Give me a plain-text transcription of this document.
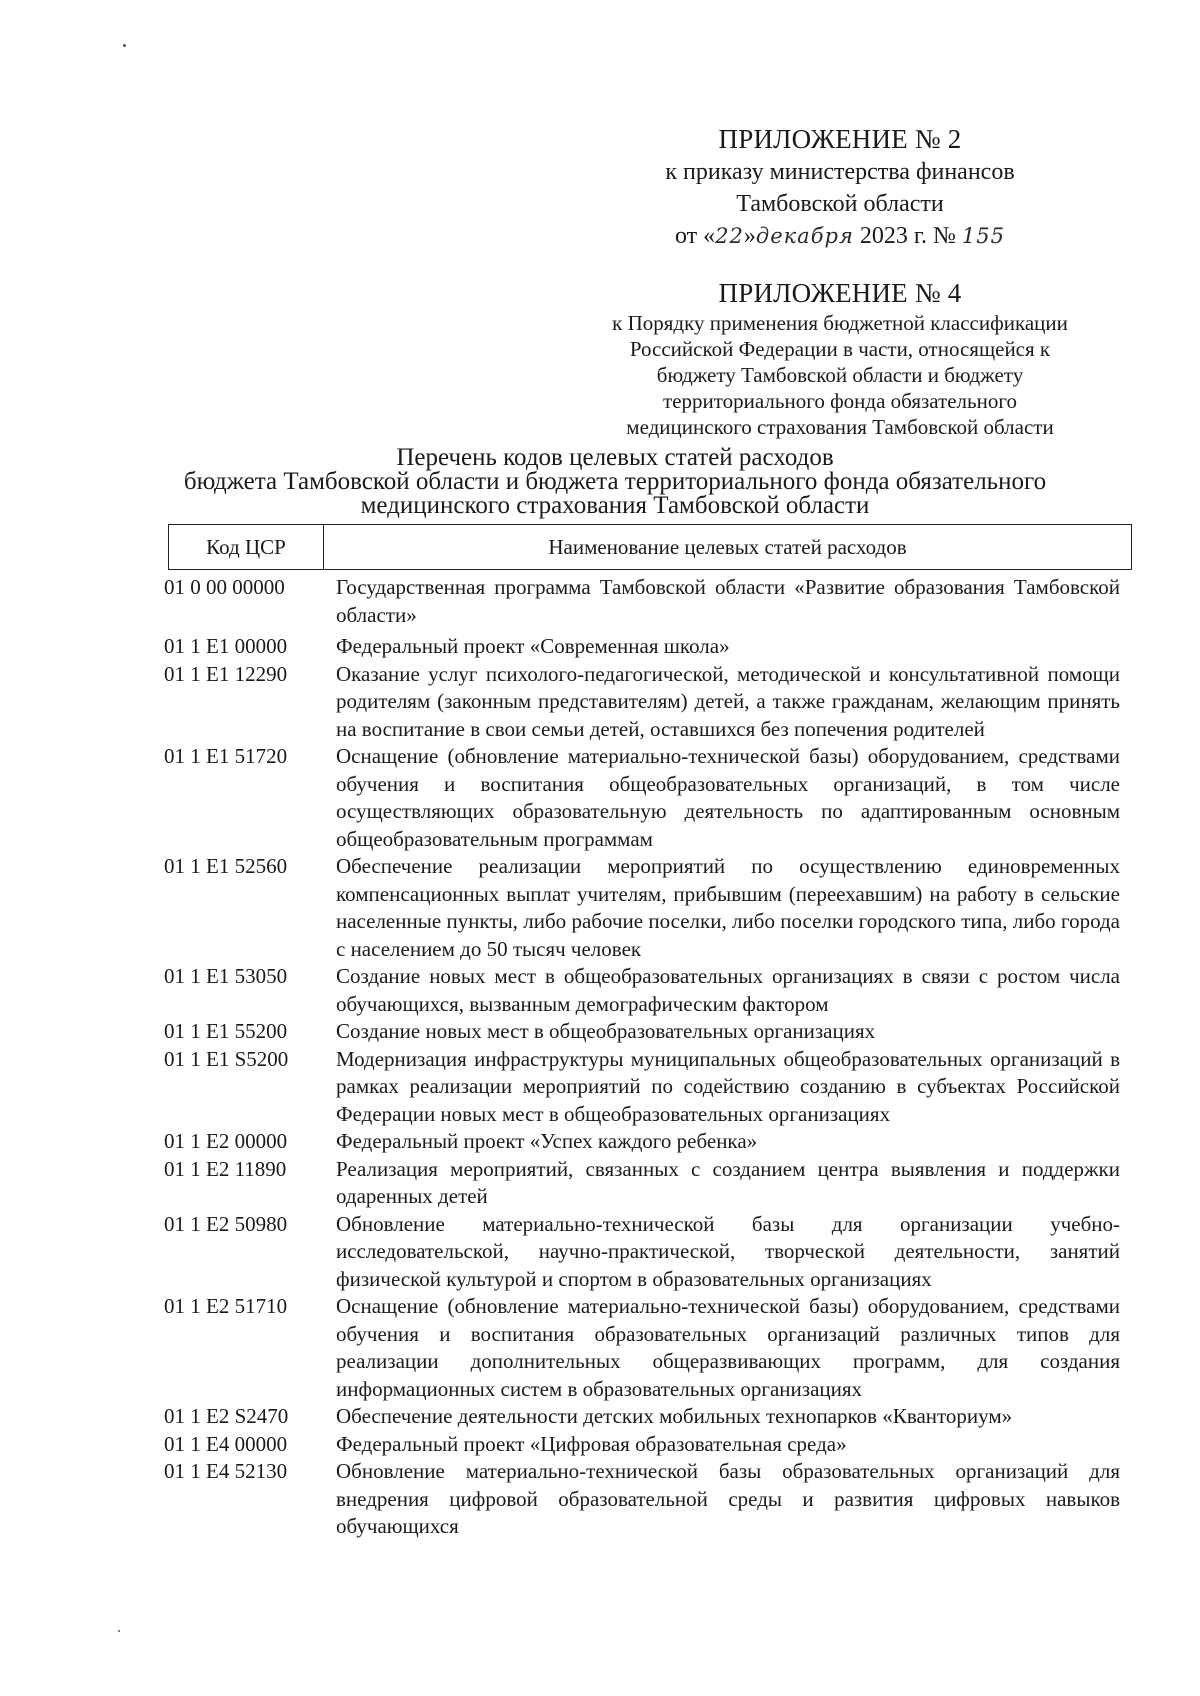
ПРИЛОЖЕНИЕ № 2
к приказу министерства финансов
Тамбовской области
от «22»декабря 2023 г. № 155
ПРИЛОЖЕНИЕ № 4
к Порядку применения бюджетной классификации
Российской Федерации в части, относящейся к
бюджету Тамбовской области и бюджету
территориального фонда обязательного
медицинского страхования Тамбовской области
Перечень кодов целевых статей расходов
бюджета Тамбовской области и бюджета территориального фонда обязательного
медицинского страхования Тамбовской области
Код ЦСР	Наименование целевых статей расходов
01 0 00 00000	Государственная программа Тамбовской области «Развитие образования Тамбовской области»
01 1 E1 00000	Федеральный проект «Современная школа»
01 1 E1 12290	Оказание услуг психолого-педагогической, методической и консультативной помощи родителям (законным представителям) детей, а также гражданам, желающим принять на воспитание в свои семьи детей, оставшихся без попечения родителей
01 1 E1 51720	Оснащение (обновление материально-технической базы) оборудованием, средствами обучения и воспитания общеобразовательных организаций, в том числе осуществляющих образовательную деятельность по адаптированным основным общеобразовательным программам
01 1 E1 52560	Обеспечение реализации мероприятий по осуществлению единовременных компенсационных выплат учителям, прибывшим (переехавшим) на работу в сельские населенные пункты, либо рабочие поселки, либо поселки городского типа, либо города с населением до 50 тысяч человек
01 1 E1 53050	Создание новых мест в общеобразовательных организациях в связи с ростом числа обучающихся, вызванным демографическим фактором
01 1 E1 55200	Создание новых мест в общеобразовательных организациях
01 1 E1 S5200	Модернизация инфраструктуры муниципальных общеобразовательных организаций в рамках реализации мероприятий по содействию созданию в субъектах Российской Федерации новых мест в общеобразовательных организациях
01 1 E2 00000	Федеральный проект «Успех каждого ребенка»
01 1 E2 11890	Реализация мероприятий, связанных с созданием центра выявления и поддержки одаренных детей
01 1 E2 50980	Обновление материально-технической базы для организации учебно-исследовательской, научно-практической, творческой деятельности, занятий физической культурой и спортом в образовательных организациях
01 1 E2 51710	Оснащение (обновление материально-технической базы) оборудованием, средствами обучения и воспитания образовательных организаций различных типов для реализации дополнительных общеразвивающих программ, для создания информационных систем в образовательных организациях
01 1 E2 S2470	Обеспечение деятельности детских мобильных технопарков «Кванториум»
01 1 E4 00000	Федеральный проект «Цифровая образовательная среда»
01 1 E4 52130	Обновление материально-технической базы образовательных организаций для внедрения цифровой образовательной среды и развития цифровых навыков обучающихся
